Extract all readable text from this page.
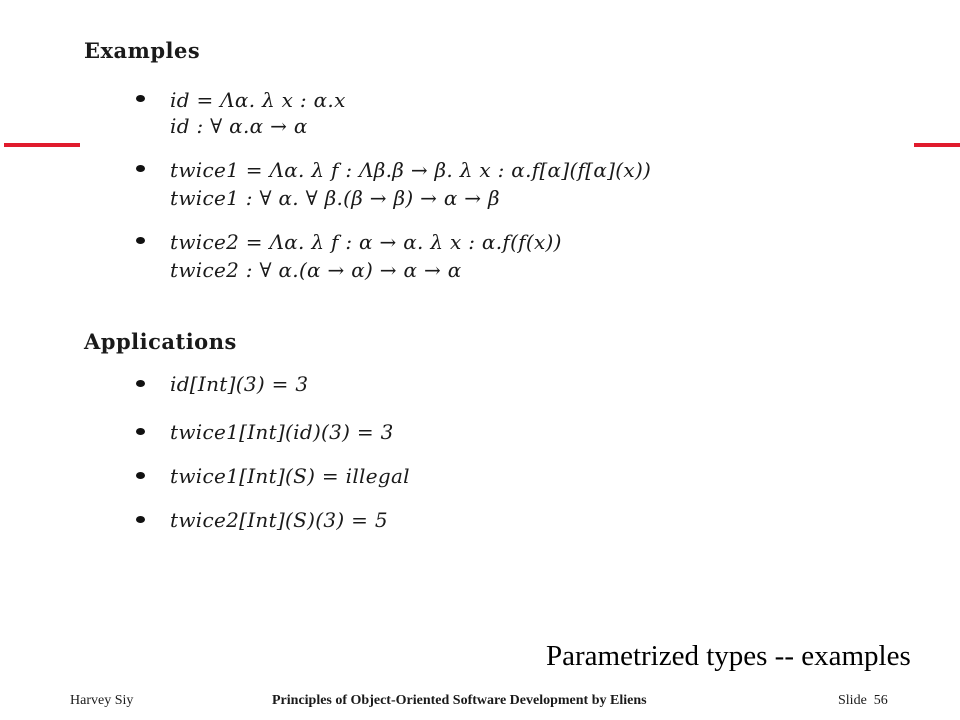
Examples
id = Λα. λ x : α.x
id : ∀ α.α → α
twice1 = Λα. λ f : Λβ.β → β. λ x : α.f[α](f[α](x))
twice1 : ∀ α. ∀ β.(β → β) → α → β
twice2 = Λα. λ f : α → α. λ x : α.f(f(x))
twice2 : ∀ α.(α → α) → α → α
Applications
id[Int](3) = 3
twice1[Int](id)(3) = 3
twice1[Int](S) = illegal
twice2[Int](S)(3) = 5
Parametrized types -- examples
Harvey Siy	Principles of Object-Oriented Software Development by Eliens	Slide 56
